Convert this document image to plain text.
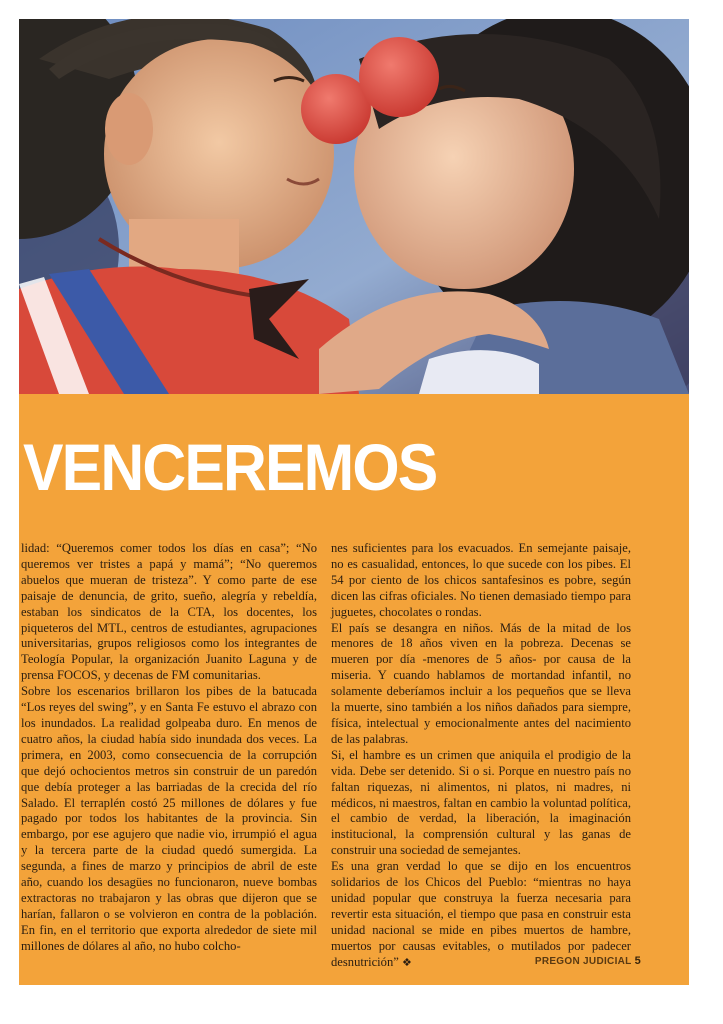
VENCEREMOS

lidad: “Queremos comer todos los días en casa”; “No queremos ver tristes a papá y mamá”; “No queremos abuelos que mueran de tristeza”. Y como parte de ese paisaje de denuncia, de grito, sueño, alegría y rebeldía, estaban los sindicatos de la CTA, los docentes, los piqueteros del MTL, centros de estudiantes, agrupaciones universitarias, grupos religiosos como los integrantes de Teología Popular, la organización Juanito Laguna y de prensa FOCOS, y decenas de FM comunitarias.

Sobre los escenarios brillaron los pibes de la batucada “Los reyes del swing”, y en Santa Fe estuvo el abrazo con los inundados. La realidad golpeaba duro. En menos de cuatro años, la ciudad había sido inundada dos veces. La primera, en 2003, como consecuencia de la corrupción que dejó ochocientos metros sin construir de un paredón que debía proteger a las barriadas de la crecida del río Salado. El terraplén costó 25 millones de dólares y fue pagado por todos los habitantes de la provincia. Sin embargo, por ese agujero que nadie vio, irrumpió el agua y la tercera parte de la ciudad quedó sumergida. La segunda, a fines de marzo y principios de abril de este año, cuando los desagües no funcionaron, nueve bombas extractoras no trabajaron y las obras que dijeron que se harían, fallaron o se volvieron en contra de la población. En fin, en el territorio que exporta alrededor de siete mil millones de dólares al año, no hubo colcho-

nes suficientes para los evacuados. En semejante paisaje, no es casualidad, entonces, lo que sucede con los pibes. El 54 por ciento de los chicos santafesinos es pobre, según dicen las cifras oficiales. No tienen demasiado tiempo para juguetes, chocolates o rondas.

El país se desangra en niños. Más de la mitad de los menores de 18 años viven en la pobreza. Decenas se mueren por día -menores de 5 años- por causa de la miseria. Y cuando hablamos de mortandad infantil, no solamente deberíamos incluir a los pequeños que se lleva la muerte, sino también a los niños dañados para siempre, física, intelectual y emocionalmente antes del nacimiento de las palabras.

Si, el hambre es un crimen que aniquila el prodigio de la vida. Debe ser detenido. Si o si. Porque en nuestro país no faltan riquezas, ni alimentos, ni platos, ni madres, ni médicos, ni maestros, faltan en cambio la voluntad política, el cambio de verdad, la liberación, la imaginación institucional, la comprensión cultural y las ganas de construir una sociedad de semejantes.

Es una gran verdad lo que se dijo en los encuentros solidarios de los Chicos del Pueblo: “mientras no haya unidad popular que construya la fuerza necesaria para revertir esta situación, el tiempo que pasa en construir esta unidad nacional se mide en pibes muertos de hambre, muertos por causas evitables, o mutilados por padecer desnutrición” ❖	PREGON JUDICIAL 5
